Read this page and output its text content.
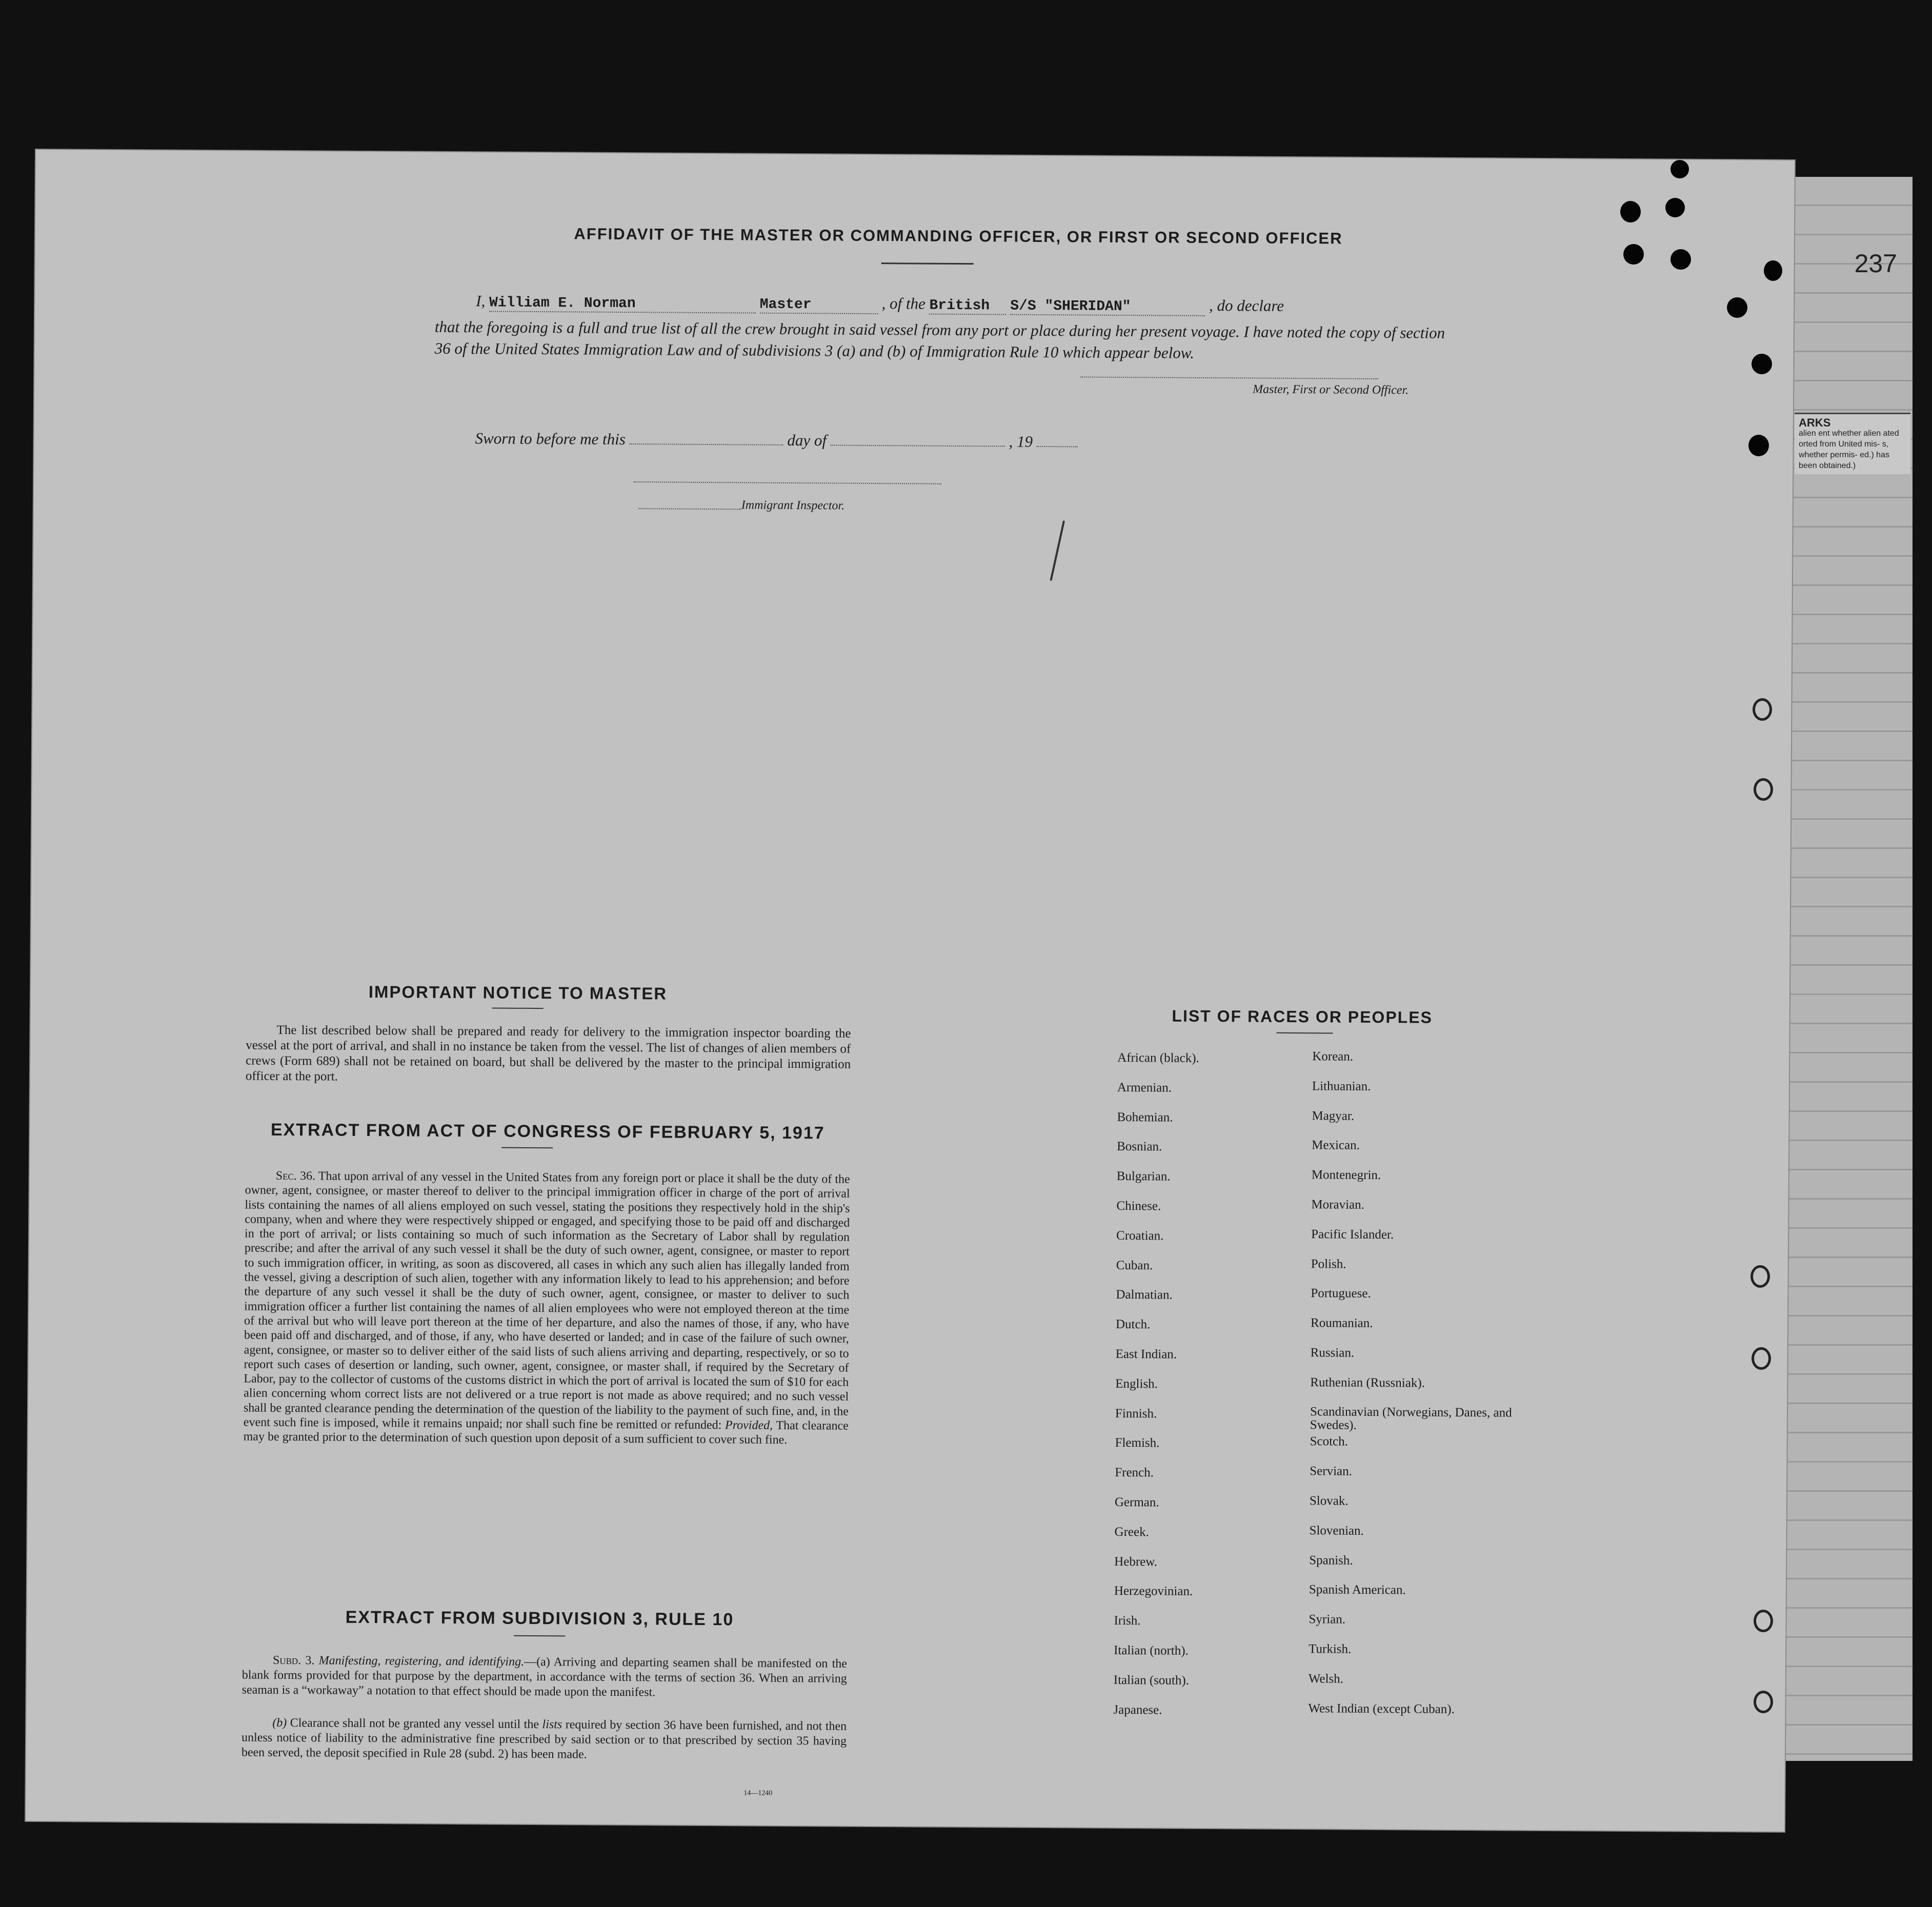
237
ARKS
alien ent whether alien ated orted from United mis- s, whether permis- ed.) has been obtained.)
AFFIDAVIT OF THE MASTER OR COMMANDING OFFICER, OR FIRST OR SECOND OFFICER
I, William E. Norman	Master	, of the British S/S "SHERIDAN"	, do declare
that the foregoing is a full and true list of all the crew brought in said vessel from any port or place during her present voyage. I have noted the copy of section 36 of the United States Immigration Law and of subdivisions 3 (a) and (b) of Immigration Rule 10 which appear below.
Master, First or Second Officer.
Sworn to before me this	day of	, 19
Immigrant Inspector.
IMPORTANT NOTICE TO MASTER
The list described below shall be prepared and ready for delivery to the immigration inspector boarding the vessel at the port of arrival, and shall in no instance be taken from the vessel. The list of changes of alien members of crews (Form 689) shall not be retained on board, but shall be delivered by the master to the principal immigration officer at the port.
EXTRACT FROM ACT OF CONGRESS OF FEBRUARY 5, 1917
Sec. 36. That upon arrival of any vessel in the United States from any foreign port or place it shall be the duty of the owner, agent, consignee, or master thereof to deliver to the principal immigration officer in charge of the port of arrival lists containing the names of all aliens employed on such vessel, stating the positions they respectively hold in the ship's company, when and where they were respectively shipped or engaged, and specifying those to be paid off and discharged in the port of arrival; or lists containing so much of such information as the Secretary of Labor shall by regulation prescribe; and after the arrival of any such vessel it shall be the duty of such owner, agent, consignee, or master to report to such immigration officer, in writing, as soon as discovered, all cases in which any such alien has illegally landed from the vessel, giving a description of such alien, together with any information likely to lead to his apprehension; and before the departure of any such vessel it shall be the duty of such owner, agent, consignee, or master to deliver to such immigration officer a further list containing the names of all alien employees who were not employed thereon at the time of the arrival but who will leave port thereon at the time of her departure, and also the names of those, if any, who have been paid off and discharged, and of those, if any, who have deserted or landed; and in case of the failure of such owner, agent, consignee, or master so to deliver either of the said lists of such aliens arriving and departing, respectively, or so to report such cases of desertion or landing, such owner, agent, consignee, or master shall, if required by the Secretary of Labor, pay to the collector of customs of the customs district in which the port of arrival is located the sum of $10 for each alien concerning whom correct lists are not delivered or a true report is not made as above required; and no such vessel shall be granted clearance pending the determination of the question of the liability to the payment of such fine, and, in the event such fine is imposed, while it remains unpaid; nor shall such fine be remitted or refunded: Provided, That clearance may be granted prior to the determination of such question upon deposit of a sum sufficient to cover such fine.
EXTRACT FROM SUBDIVISION 3, RULE 10
Subd. 3. Manifesting, registering, and identifying.—(a) Arriving and departing seamen shall be manifested on the blank forms provided for that purpose by the department, in accordance with the terms of section 36. When an arriving seaman is a “workaway” a notation to that effect should be made upon the manifest.
(b) Clearance shall not be granted any vessel until the lists required by section 36 have been furnished, and not then unless notice of liability to the administrative fine prescribed by said section or to that prescribed by section 35 having been served, the deposit specified in Rule 28 (subd. 2) has been made.
14—1240
LIST OF RACES OR PEOPLES
African (black).
Armenian.
Bohemian.
Bosnian.
Bulgarian.
Chinese.
Croatian.
Cuban.
Dalmatian.
Dutch.
East Indian.
English.
Finnish.
Flemish.
French.
German.
Greek.
Hebrew.
Herzegovinian.
Irish.
Italian (north).
Italian (south).
Japanese.
Korean.
Lithuanian.
Magyar.
Mexican.
Montenegrin.
Moravian.
Pacific Islander.
Polish.
Portuguese.
Roumanian.
Russian.
Ruthenian (Russniak).
Scandinavian (Norwegians, Danes, and Swedes).
Scotch.
Servian.
Slovak.
Slovenian.
Spanish.
Spanish American.
Syrian.
Turkish.
Welsh.
West Indian (except Cuban).
